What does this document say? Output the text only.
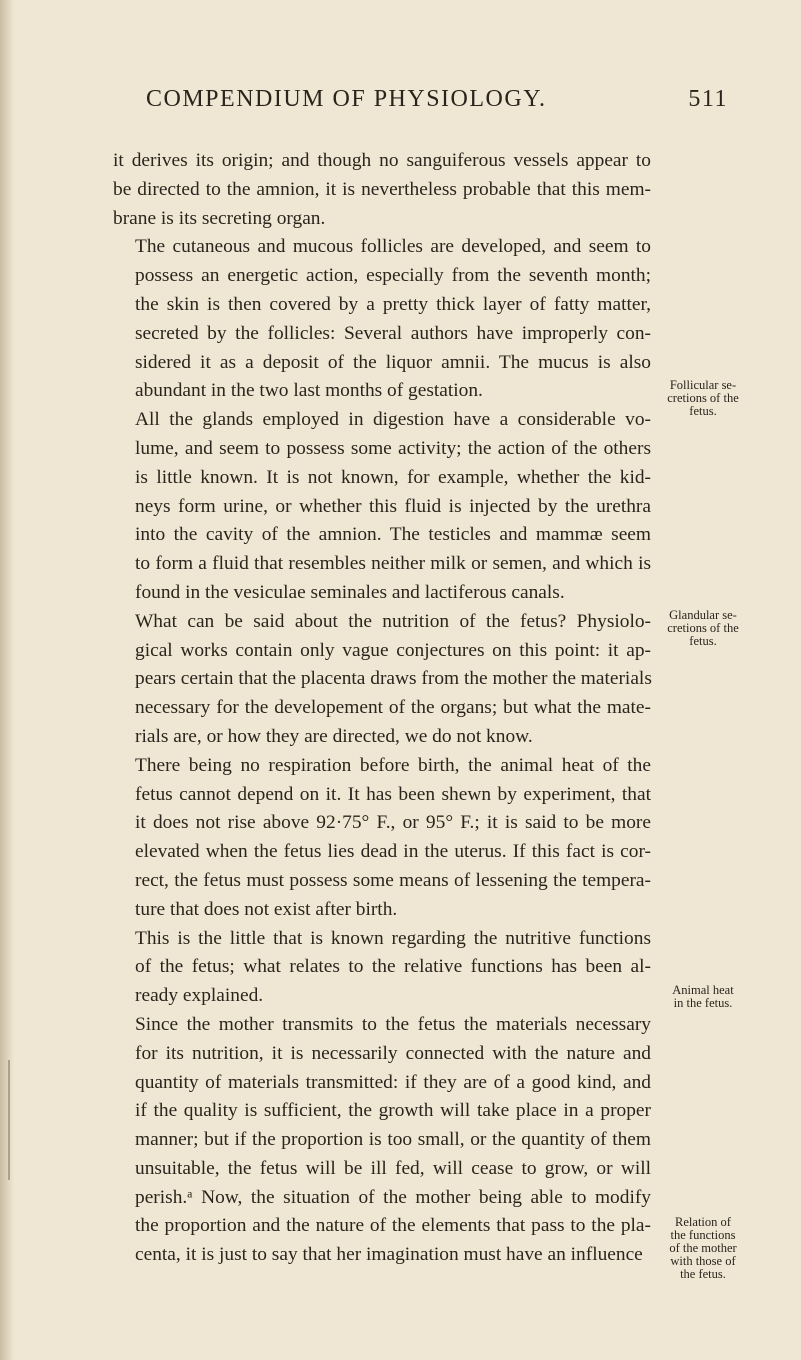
COMPENDIUM OF PHYSIOLOGY.	511

it derives its origin; and though no sanguiferous vessels appear to
be directed to the amnion, it is nevertheless probable that this mem-
brane is its secreting organ.

The cutaneous and mucous follicles are developed, and seem to
possess an energetic action, especially from the seventh month;
the skin is then covered by a pretty thick layer of fatty matter,
secreted by the follicles: Several authors have improperly con-
sidered it as a deposit of the liquor amnii. The mucus is also
abundant in the two last months of gestation.

All the glands employed in digestion have a considerable vo-
lume, and seem to possess some activity; the action of the others
is little known. It is not known, for example, whether the kid-
neys form urine, or whether this fluid is injected by the urethra
into the cavity of the amnion. The testicles and mammæ seem
to form a fluid that resembles neither milk or semen, and which is
found in the vesiculae seminales and lactiferous canals.

What can be said about the nutrition of the fetus? Physiolo-
gical works contain only vague conjectures on this point: it ap-
pears certain that the placenta draws from the mother the materials
necessary for the developement of the organs; but what the mate-
rials are, or how they are directed, we do not know.

There being no respiration before birth, the animal heat of the
fetus cannot depend on it. It has been shewn by experiment, that
it does not rise above 92·75° F., or 95° F.; it is said to be more
elevated when the fetus lies dead in the uterus. If this fact is cor-
rect, the fetus must possess some means of lessening the tempera-
ture that does not exist after birth.

This is the little that is known regarding the nutritive functions
of the fetus; what relates to the relative functions has been al-
ready explained.

Since the mother transmits to the fetus the materials necessary
for its nutrition, it is necessarily connected with the nature and
quantity of materials transmitted: if they are of a good kind, and
if the quality is sufficient, the growth will take place in a proper
manner; but if the proportion is too small, or the quantity of them
unsuitable, the fetus will be ill fed, will cease to grow, or will
perish.ᵃ Now, the situation of the mother being able to modify
the proportion and the nature of the elements that pass to the pla-
centa, it is just to say that her imagination must have an influence

Follicular se-
cretions of the
fetus.
Glandular se-
cretions of the
fetus.
Animal heat
in the fetus.
Relation of
the functions
of the mother
with those of
the fetus.
